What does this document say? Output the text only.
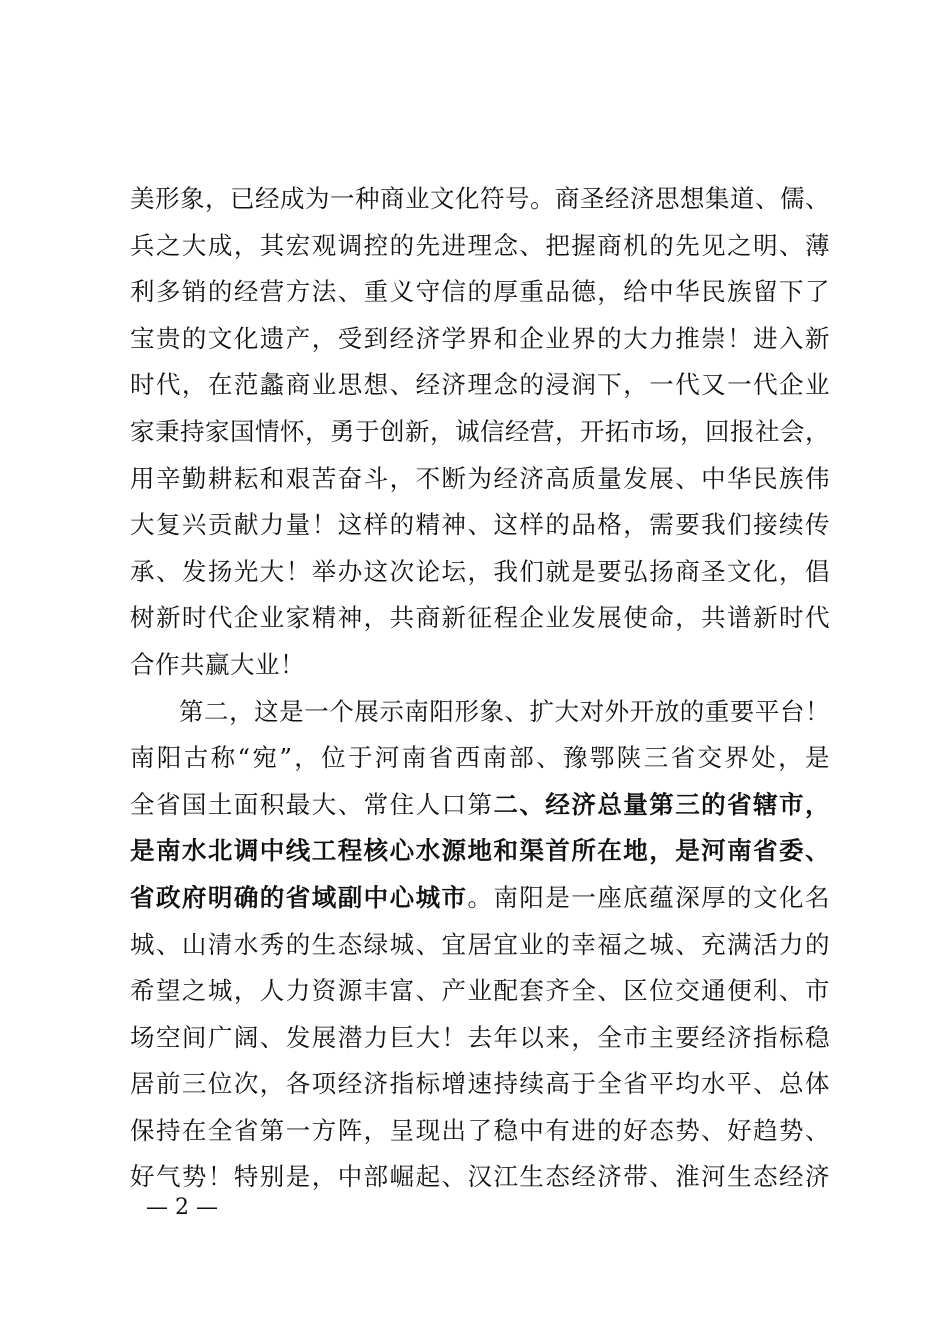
美形象，已经成为一种商业文化符号。商圣经济思想集道、儒、
兵之大成，其宏观调控的先进理念、把握商机的先见之明、薄
利多销的经营方法、重义守信的厚重品德，给中华民族留下了
宝贵的文化遗产，受到经济学界和企业界的大力推崇！进入新
时代，在范蠡商业思想、经济理念的浸润下，一代又一代企业
家秉持家国情怀，勇于创新，诚信经营，开拓市场，回报社会，
用辛勤耕耘和艰苦奋斗，不断为经济高质量发展、中华民族伟
大复兴贡献力量！这样的精神、这样的品格，需要我们接续传
承、发扬光大！举办这次论坛，我们就是要弘扬商圣文化，倡
树新时代企业家精神，共商新征程企业发展使命，共谱新时代
合作共赢大业！
第二，这是一个展示南阳形象、扩大对外开放的重要平台！
南阳古称“宛”，位于河南省西南部、豫鄂陕三省交界处，是
全省国土面积最大、常住人口第二、经济总量第三的省辖市，
是南水北调中线工程核心水源地和渠首所在地，是河南省委、
省政府明确的省域副中心城市。南阳是一座底蕴深厚的文化名
城、山清水秀的生态绿城、宜居宜业的幸福之城、充满活力的
希望之城，人力资源丰富、产业配套齐全、区位交通便利、市
场空间广阔、发展潜力巨大！去年以来，全市主要经济指标稳
居前三位次，各项经济指标增速持续高于全省平均水平、总体
保持在全省第一方阵，呈现出了稳中有进的好态势、好趋势、
好气势！特别是，中部崛起、汉江生态经济带、淮河生态经济
— 2 —
